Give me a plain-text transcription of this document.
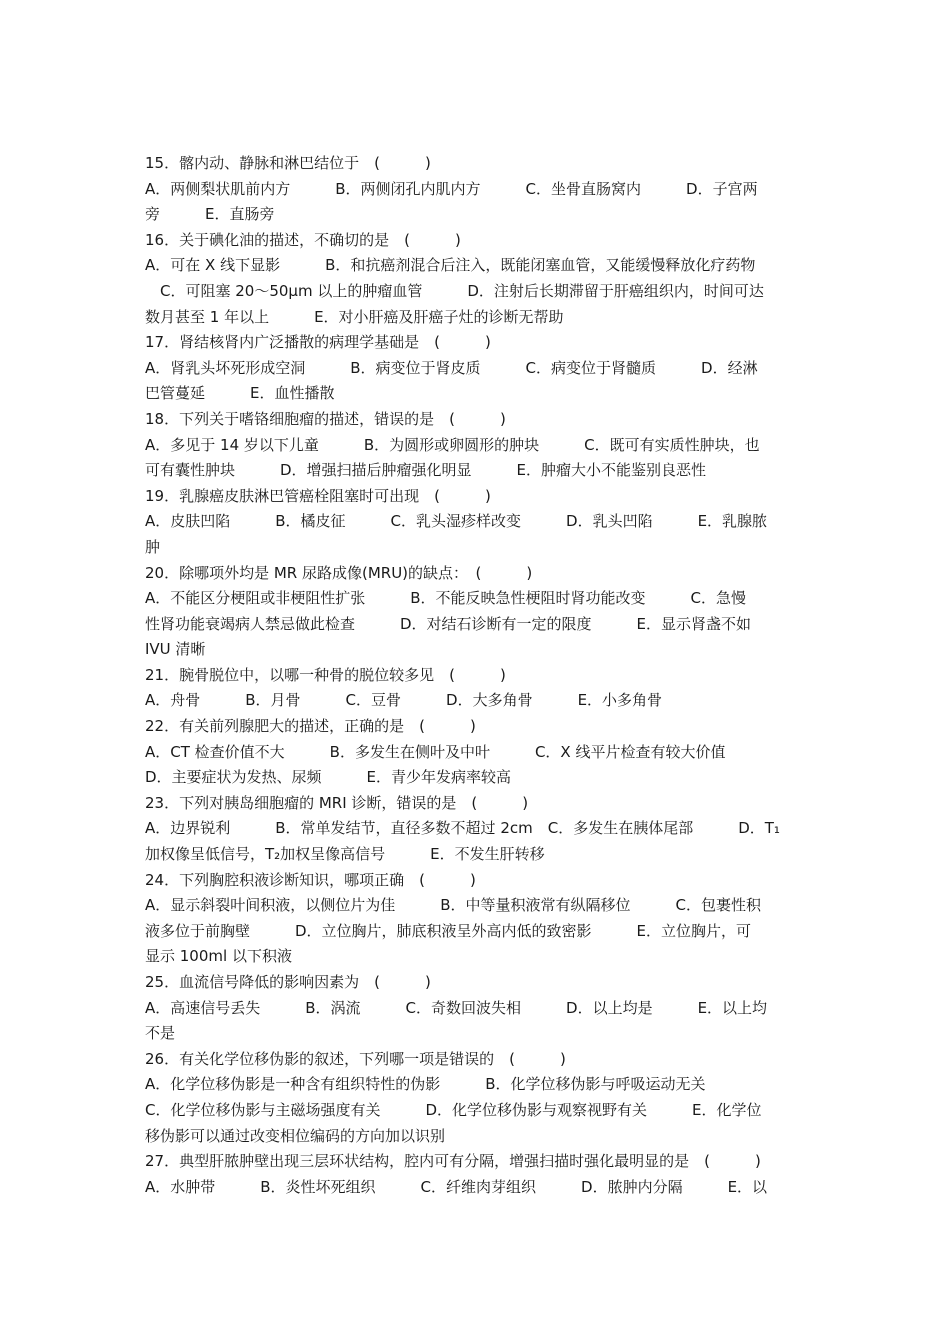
15．髂内动、静脉和淋巴结位于　(　　　)
A．两侧梨状肌前内方　　　B．两侧闭孔内肌内方　　　C．坐骨直肠窝内　　　D．子宫两
旁　　　E．直肠旁
16．关于碘化油的描述，不确切的是　(　　　)
A．可在 X 线下显影　　　B．和抗癌剂混合后注入，既能闭塞血管，又能缓慢释放化疗药物
　C．可阻塞 20～50μm 以上的肿瘤血管　　　D．注射后长期滞留于肝癌组织内，时间可达
数月甚至 1 年以上　　　E．对小肝癌及肝癌子灶的诊断无帮助
17．肾结核肾内广泛播散的病理学基础是　(　　　)
A．肾乳头坏死形成空洞　　　B．病变位于肾皮质　　　C．病变位于肾髓质　　　D．经淋
巴管蔓延　　　E．血性播散
18．下列关于嗜铬细胞瘤的描述，错误的是　(　　　)
A．多见于 14 岁以下儿童　　　B．为圆形或卵圆形的肿块　　　C．既可有实质性肿块，也
可有囊性肿块　　　D．增强扫描后肿瘤强化明显　　　E．肿瘤大小不能鉴别良恶性
19．乳腺癌皮肤淋巴管癌栓阻塞时可出现　(　　　)
A．皮肤凹陷　　　B．橘皮征　　　C．乳头湿疹样改变　　　D．乳头凹陷　　　E．乳腺脓
肿
20．除哪项外均是 MR 尿路成像(MRU)的缺点：　(　　　)
A．不能区分梗阻或非梗阻性扩张　　　B．不能反映急性梗阻时肾功能改变　　　C．急慢
性肾功能衰竭病人禁忌做此检查　　　D．对结石诊断有一定的限度　　　E．显示肾盏不如
IVU 清晰
21．腕骨脱位中，以哪一种骨的脱位较多见　(　　　)
A．舟骨　　　B．月骨　　　C．豆骨　　　D．大多角骨　　　E．小多角骨
22．有关前列腺肥大的描述，正确的是　(　　　)
A．CT 检查价值不大　　　B．多发生在侧叶及中叶　　　C．X 线平片检查有较大价值
D．主要症状为发热、尿频　　　E．青少年发病率较高
23．下列对胰岛细胞瘤的 MRI 诊断，错误的是　(　　　)
A．边界锐利　　　B．常单发结节，直径多数不超过 2cm　C．多发生在胰体尾部　　　D．T₁
加权像呈低信号，T₂加权呈像高信号　　　E．不发生肝转移
24．下列胸腔积液诊断知识，哪项正确　(　　　)
A．显示斜裂叶间积液，以侧位片为佳　　　B．中等量积液常有纵隔移位　　　C．包裹性积
液多位于前胸壁　　　D．立位胸片，肺底积液呈外高内低的致密影　　　E．立位胸片，可
显示 100ml 以下积液
25．血流信号降低的影响因素为　(　　　)
A．高速信号丢失　　　B．涡流　　　C．奇数回波失相　　　D．以上均是　　　E．以上均
不是
26．有关化学位移伪影的叙述，下列哪一项是错误的　(　　　)
A．化学位移伪影是一种含有组织特性的伪影　　　B．化学位移伪影与呼吸运动无关
C．化学位移伪影与主磁场强度有关　　　D．化学位移伪影与观察视野有关　　　E．化学位
移伪影可以通过改变相位编码的方向加以识别
27．典型肝脓肿壁出现三层环状结构，腔内可有分隔，增强扫描时强化最明显的是　(　　　)
A．水肿带　　　B．炎性坏死组织　　　C．纤维肉芽组织　　　D．脓肿内分隔　　　E．以
